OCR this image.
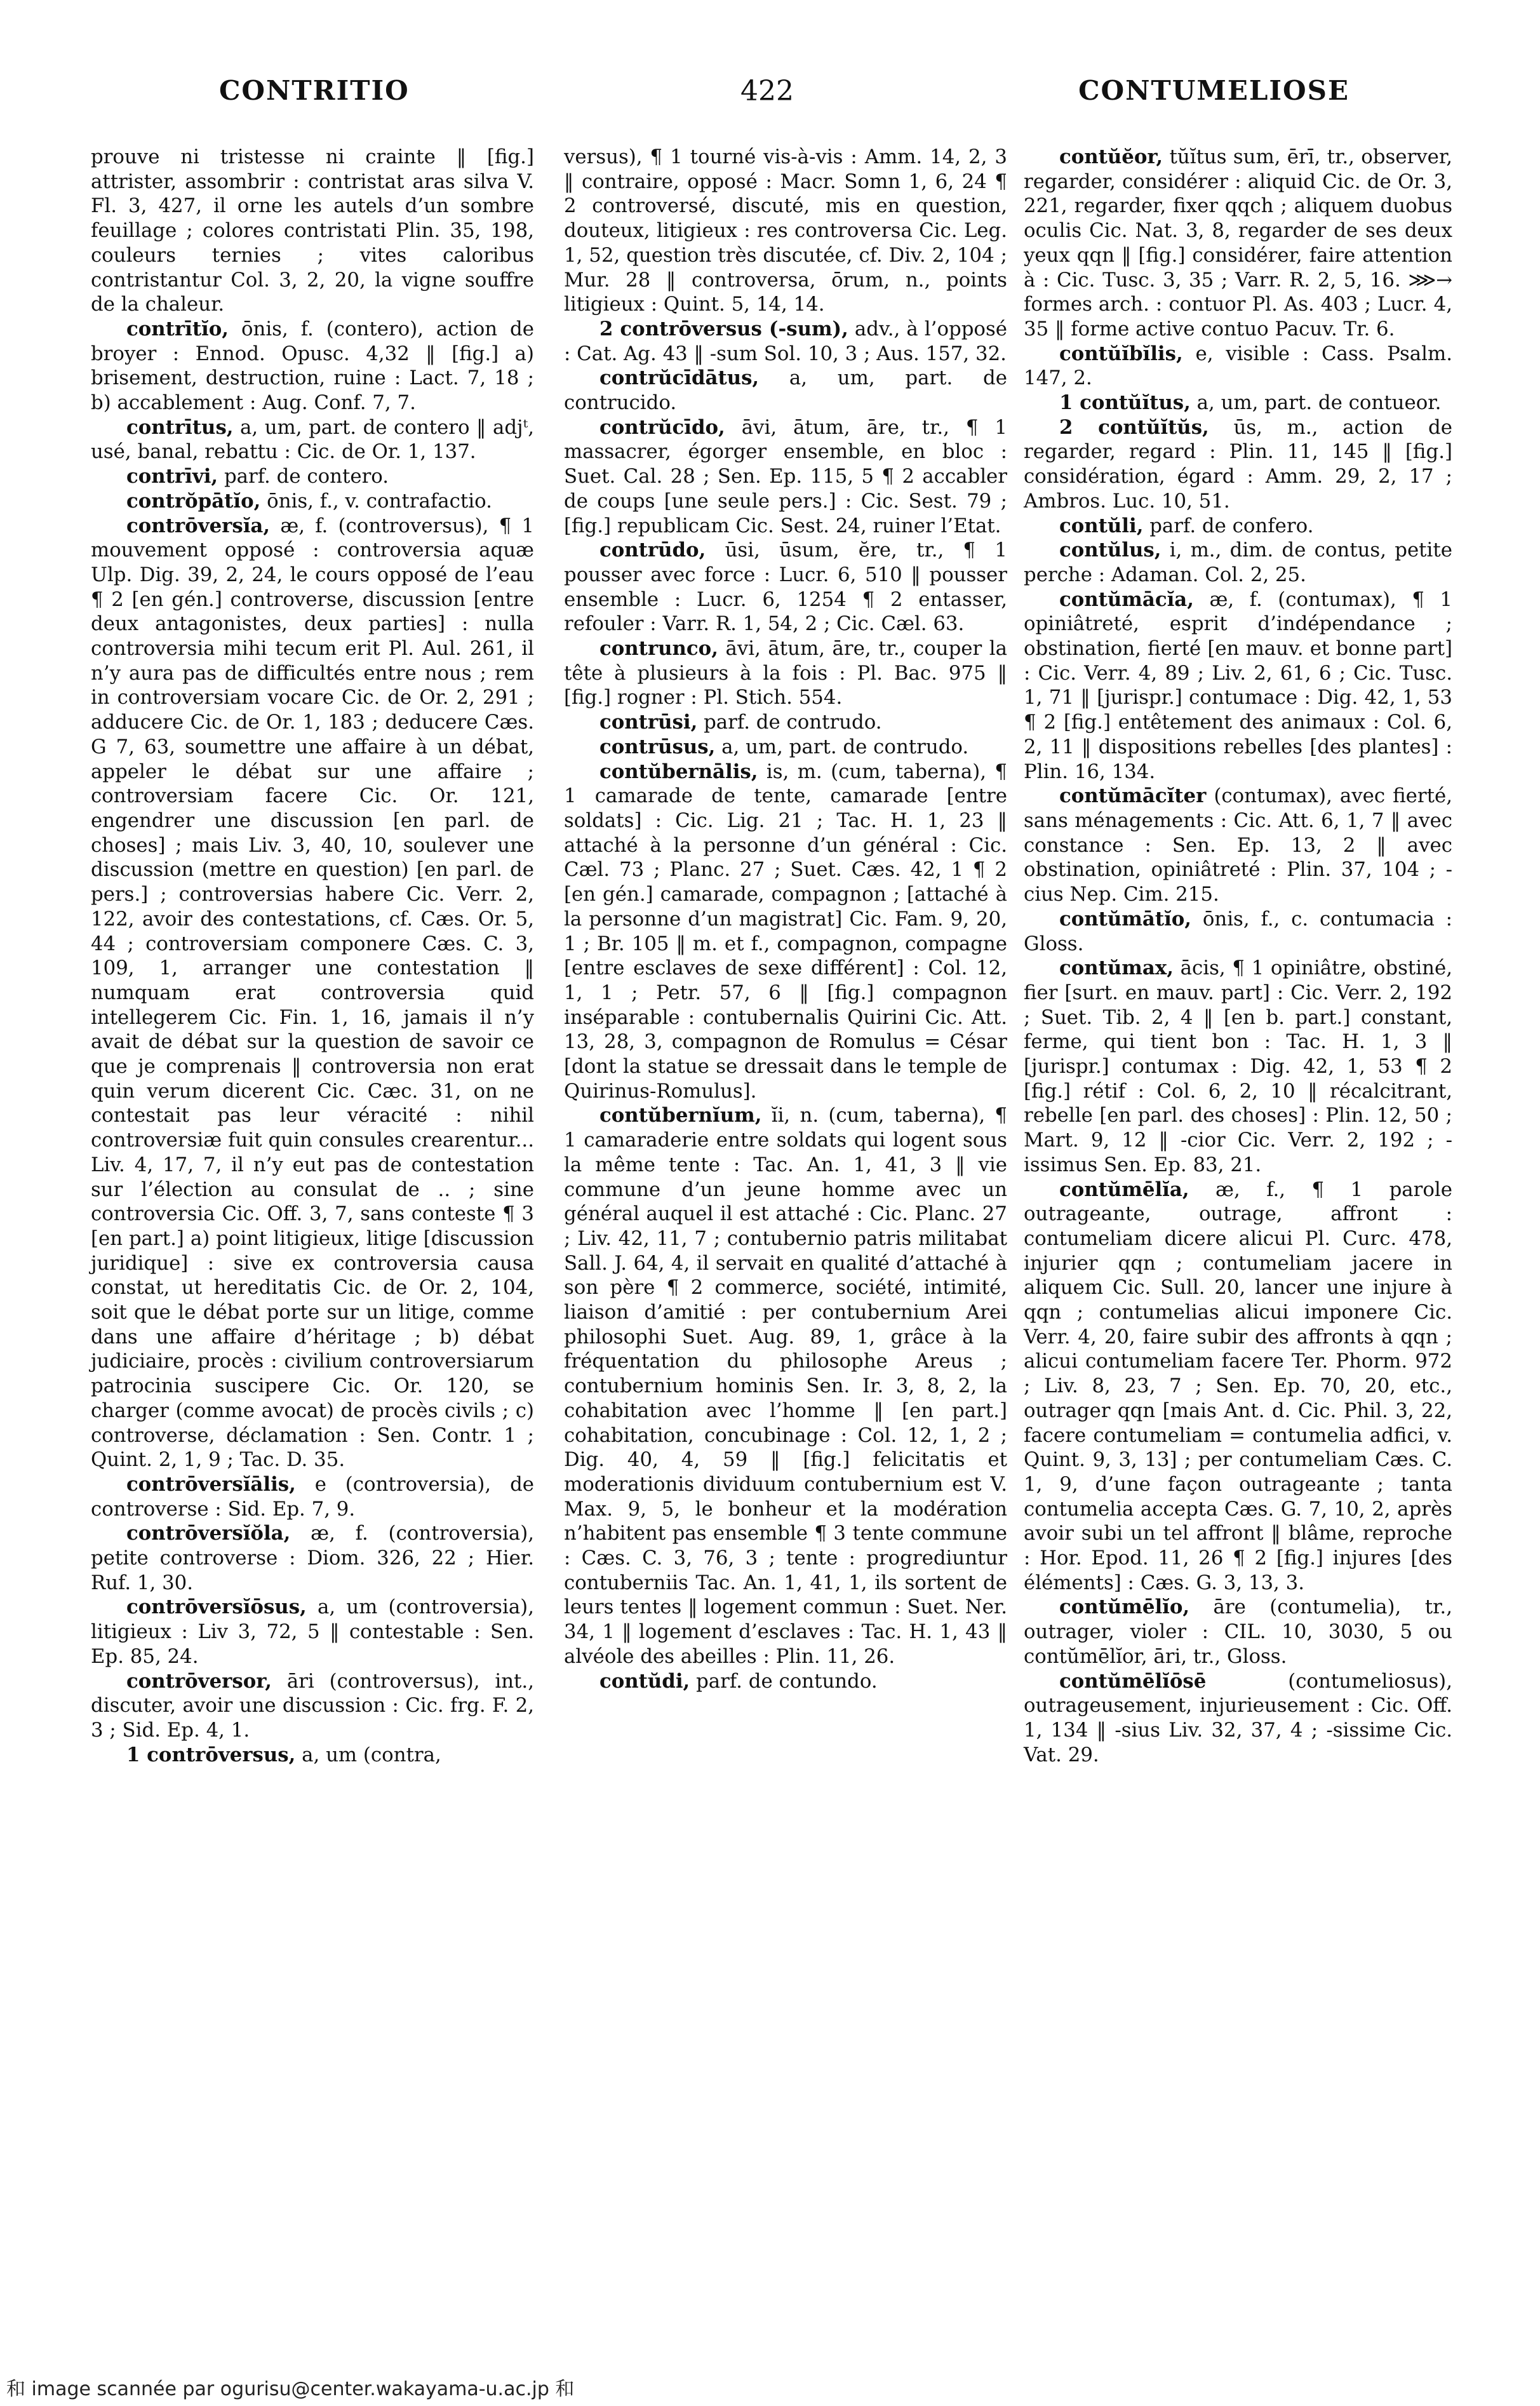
CONTRITIO	422	CONTUMELIOSE

prouve ni tristesse ni crainte ‖ [fig.] attrister, assombrir : contristat aras silva V. Fl. 3, 427, il orne les autels d’un sombre feuillage ; colores contristati Plin. 35, 198, couleurs ternies ; vites caloribus contristantur Col. 3, 2, 20, la vigne souffre de la chaleur.

contrītĭo, ōnis, f. (contero), action de broyer : Ennod. Opusc. 4,32 ‖ [fig.] a) brisement, destruction, ruine : Lact. 7, 18 ; b) accablement : Aug. Conf. 7, 7.

contrītus, a, um, part. de contero ‖ adjᵗ, usé, banal, rebattu : Cic. de Or. 1, 137.

contrīvi, parf. de contero.

contrŏpātĭo, ōnis, f., v. contrafactio.

contrōversĭa, æ, f. (controversus), ¶ 1 mouvement opposé : controversia aquæ Ulp. Dig. 39, 2, 24, le cours opposé de l’eau ¶ 2 [en gén.] controverse, discussion [entre deux antagonistes, deux parties] : nulla controversia mihi tecum erit Pl. Aul. 261, il n’y aura pas de difficultés entre nous ; rem in controversiam vocare Cic. de Or. 2, 291 ; adducere Cic. de Or. 1, 183 ; deducere Cæs. G 7, 63, soumettre une affaire à un débat, appeler le débat sur une affaire ; controversiam facere Cic. Or. 121, engendrer une discussion [en parl. de choses] ; mais Liv. 3, 40, 10, soulever une discussion (mettre en question) [en parl. de pers.] ; controversias habere Cic. Verr. 2, 122, avoir des contestations, cf. Cæs. Or. 5, 44 ; controversiam componere Cæs. C. 3, 109, 1, arranger une contestation ‖ numquam erat controversia quid intellegerem Cic. Fin. 1, 16, jamais il n’y avait de débat sur la question de savoir ce que je comprenais ‖ controversia non erat quin verum dicerent Cic. Cæc. 31, on ne contestait pas leur véracité : nihil controversiæ fuit quin consules crearentur... Liv. 4, 17, 7, il n’y eut pas de contestation sur l’élection au consulat de .. ; sine controversia Cic. Off. 3, 7, sans conteste ¶ 3 [en part.] a) point litigieux, litige [discussion juridique] : sive ex controversia causa constat, ut hereditatis Cic. de Or. 2, 104, soit que le débat porte sur un litige, comme dans une affaire d’héritage ; b) débat judiciaire, procès : civilium controversiarum patrocinia suscipere Cic. Or. 120, se charger (comme avocat) de procès civils ; c) controverse, déclamation : Sen. Contr. 1 ; Quint. 2, 1, 9 ; Tac. D. 35.

contrōversĭālis, e (controversia), de controverse : Sid. Ep. 7, 9.

contrōversĭŏla, æ, f. (controversia), petite controverse : Diom. 326, 22 ; Hier. Ruf. 1, 30.

contrōversĭōsus, a, um (controversia), litigieux : Liv 3, 72, 5 ‖ contestable : Sen. Ep. 85, 24.

contrōversor, āri (controversus), int., discuter, avoir une discussion : Cic. frg. F. 2, 3 ; Sid. Ep. 4, 1.

1 contrōversus, a, um (contra,

versus), ¶ 1 tourné vis-à-vis : Amm. 14, 2, 3 ‖ contraire, opposé : Macr. Somn 1, 6, 24 ¶ 2 controversé, discuté, mis en question, douteux, litigieux : res controversa Cic. Leg. 1, 52, question très discutée, cf. Div. 2, 104 ; Mur. 28 ‖ controversa, ōrum, n., points litigieux : Quint. 5, 14, 14.

2 contrōversus (-sum), adv., à l’opposé : Cat. Ag. 43 ‖ -sum Sol. 10, 3 ; Aus. 157, 32.

contrŭcīdātus, a, um, part. de contrucido.

contrŭcīdo, āvi, ātum, āre, tr., ¶ 1 massacrer, égorger ensemble, en bloc : Suet. Cal. 28 ; Sen. Ep. 115, 5 ¶ 2 accabler de coups [une seule pers.] : Cic. Sest. 79 ; [fig.] republicam Cic. Sest. 24, ruiner l’Etat.

contrūdo, ūsi, ūsum, ĕre, tr., ¶ 1 pousser avec force : Lucr. 6, 510 ‖ pousser ensemble : Lucr. 6, 1254 ¶ 2 entasser, refouler : Varr. R. 1, 54, 2 ; Cic. Cæl. 63.

contrunco, āvi, ātum, āre, tr., couper la tête à plusieurs à la fois : Pl. Bac. 975 ‖ [fig.] rogner : Pl. Stich. 554.

contrūsi, parf. de contrudo.

contrūsus, a, um, part. de contrudo.

contŭbernālis, is, m. (cum, taberna), ¶ 1 camarade de tente, camarade [entre soldats] : Cic. Lig. 21 ; Tac. H. 1, 23 ‖ attaché à la personne d’un général : Cic. Cæl. 73 ; Planc. 27 ; Suet. Cæs. 42, 1 ¶ 2 [en gén.] camarade, compagnon ; [attaché à la personne d’un magistrat] Cic. Fam. 9, 20, 1 ; Br. 105 ‖ m. et f., compagnon, compagne [entre esclaves de sexe différent] : Col. 12, 1, 1 ; Petr. 57, 6 ‖ [fig.] compagnon inséparable : contubernalis Quirini Cic. Att. 13, 28, 3, compagnon de Romulus = César [dont la statue se dressait dans le temple de Quirinus-Romulus].

contŭbernĭum, ĭi, n. (cum, taberna), ¶ 1 camaraderie entre soldats qui logent sous la même tente : Tac. An. 1, 41, 3 ‖ vie commune d’un jeune homme avec un général auquel il est attaché : Cic. Planc. 27 ; Liv. 42, 11, 7 ; contubernio patris militabat Sall. J. 64, 4, il servait en qualité d’attaché à son père ¶ 2 commerce, société, intimité, liaison d’amitié : per contubernium Arei philosophi Suet. Aug. 89, 1, grâce à la fréquentation du philosophe Areus ; contubernium hominis Sen. Ir. 3, 8, 2, la cohabitation avec l’homme ‖ [en part.] cohabitation, concubinage : Col. 12, 1, 2 ; Dig. 40, 4, 59 ‖ [fig.] felicitatis et moderationis dividuum contubernium est V. Max. 9, 5, le bonheur et la modération n’habitent pas ensemble ¶ 3 tente commune : Cæs. C. 3, 76, 3 ; tente : progrediuntur contuberniis Tac. An. 1, 41, 1, ils sortent de leurs tentes ‖ logement commun : Suet. Ner. 34, 1 ‖ logement d’esclaves : Tac. H. 1, 43 ‖ alvéole des abeilles : Plin. 11, 26.

contŭdi, parf. de contundo.

contŭĕor, tŭĭtus sum, ērī, tr., observer, regarder, considérer : aliquid Cic. de Or. 3, 221, regarder, fixer qqch ; aliquem duobus oculis Cic. Nat. 3, 8, regarder de ses deux yeux qqn ‖ [fig.] considérer, faire attention à : Cic. Tusc. 3, 35 ; Varr. R. 2, 5, 16. ⋙→ formes arch. : contuor Pl. As. 403 ; Lucr. 4, 35 ‖ forme active contuo Pacuv. Tr. 6.

contŭĭbĭlis, e, visible : Cass. Psalm. 147, 2.

1 contŭĭtus, a, um, part. de contueor.

2 contŭĭtŭs, ūs, m., action de regarder, regard : Plin. 11, 145 ‖ [fig.] considération, égard : Amm. 29, 2, 17 ; Ambros. Luc. 10, 51.

contŭli, parf. de confero.

contŭlus, i, m., dim. de contus, petite perche : Adaman. Col. 2, 25.

contŭmācĭa, æ, f. (contumax), ¶ 1 opiniâtreté, esprit d’indépendance ; obstination, fierté [en mauv. et bonne part] : Cic. Verr. 4, 89 ; Liv. 2, 61, 6 ; Cic. Tusc. 1, 71 ‖ [jurispr.] contumace : Dig. 42, 1, 53 ¶ 2 [fig.] entêtement des animaux : Col. 6, 2, 11 ‖ dispositions rebelles [des plantes] : Plin. 16, 134.

contŭmācĭter (contumax), avec fierté, sans ménagements : Cic. Att. 6, 1, 7 ‖ avec constance : Sen. Ep. 13, 2 ‖ avec obstination, opiniâtreté : Plin. 37, 104 ; -cius Nep. Cim. 215.

contŭmātĭo, ōnis, f., c. contumacia : Gloss.

contŭmax, ācis, ¶ 1 opiniâtre, obstiné, fier [surt. en mauv. part] : Cic. Verr. 2, 192 ; Suet. Tib. 2, 4 ‖ [en b. part.] constant, ferme, qui tient bon : Tac. H. 1, 3 ‖ [jurispr.] contumax : Dig. 42, 1, 53 ¶ 2 [fig.] rétif : Col. 6, 2, 10 ‖ récalcitrant, rebelle [en parl. des choses] : Plin. 12, 50 ; Mart. 9, 12 ‖ -cior Cic. Verr. 2, 192 ; -issimus Sen. Ep. 83, 21.

contŭmēlĭa, æ, f., ¶ 1 parole outrageante, outrage, affront : contumeliam dicere alicui Pl. Curc. 478, injurier qqn ; contumeliam jacere in aliquem Cic. Sull. 20, lancer une injure à qqn ; contumelias alicui imponere Cic. Verr. 4, 20, faire subir des affronts à qqn ; alicui contumeliam facere Ter. Phorm. 972 ; Liv. 8, 23, 7 ; Sen. Ep. 70, 20, etc., outrager qqn [mais Ant. d. Cic. Phil. 3, 22, facere contumeliam = contumelia adfici, v. Quint. 9, 3, 13] ; per contumeliam Cæs. C. 1, 9, d’une façon outrageante ; tanta contumelia accepta Cæs. G. 7, 10, 2, après avoir subi un tel affront ‖ blâme, reproche : Hor. Epod. 11, 26 ¶ 2 [fig.] injures [des éléments] : Cæs. G. 3, 13, 3.

contŭmēlĭo, āre (contumelia), tr., outrager, violer : CIL. 10, 3030, 5 ou contŭmēlĭor, āri, tr., Gloss.

contŭmēlĭōsē	(contumeliosus), outrageusement, injurieusement : Cic. Off. 1, 134 ‖ -sius Liv. 32, 37, 4 ; -sissime Cic. Vat. 29.

和 image scannée par ogurisu@center.wakayama-u.ac.jp 和
